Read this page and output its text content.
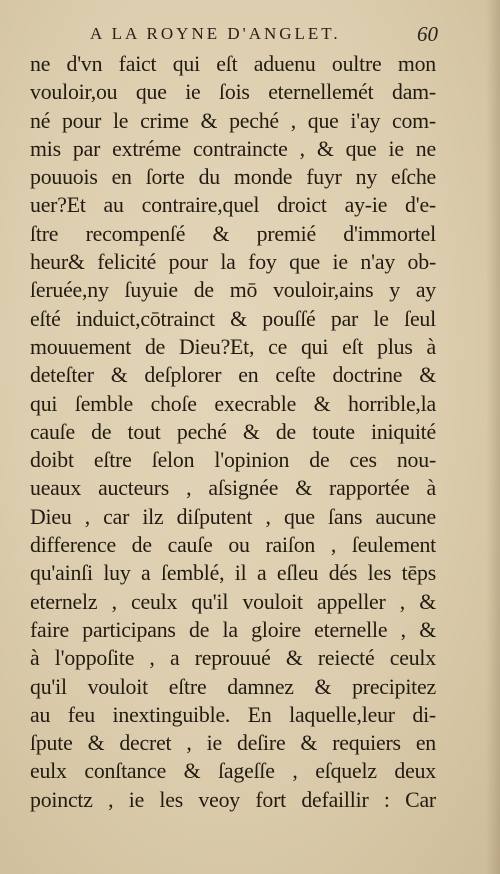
A LA ROYNE D'ANGLET.	60
ne d'vn faict qui eſt aduenu oultre mon
vouloir,ou que ie ſois eternellemét dam-
né pour le crime & peché , que i'ay com-
mis par extréme contraincte , & que ie ne
pouuois en ſorte du monde fuyr ny eſche
uer?Et au contraire,quel droict ay-ie d'e-
ſtre recompenſé & premié d'immortel
heur& felicité pour la foy que ie n'ay ob-
ſeruée,ny ſuyuie de mō vouloir,ains y ay
eſté induict,cōtrainct & pouſſé par le ſeul
mouuement de Dieu?Et, ce qui eſt plus à
deteſter & deſplorer en ceſte doctrine &
qui ſemble choſe execrable & horrible,la
cauſe de tout peché & de toute iniquité
doibt eſtre ſelon l'opinion de ces nou-
ueaux aucteurs , aſsignée & rapportée à
Dieu , car ilz diſputent , que ſans aucune
difference de cauſe ou raiſon , ſeulement
qu'ainſi luy a ſemblé, il a eſleu dés les tēps
eternelz , ceulx qu'il vouloit appeller , &
faire participans de la gloire eternelle , &
à l'oppoſite , a reprouué & reiecté ceulx
qu'il vouloit eſtre damnez & precipitez
au feu inextinguible. En laquelle,leur di-
ſpute & decret , ie deſire & requiers en
eulx conſtance & ſageſſe , eſquelz deux
poinctz , ie les veoy fort defaillir : Car
